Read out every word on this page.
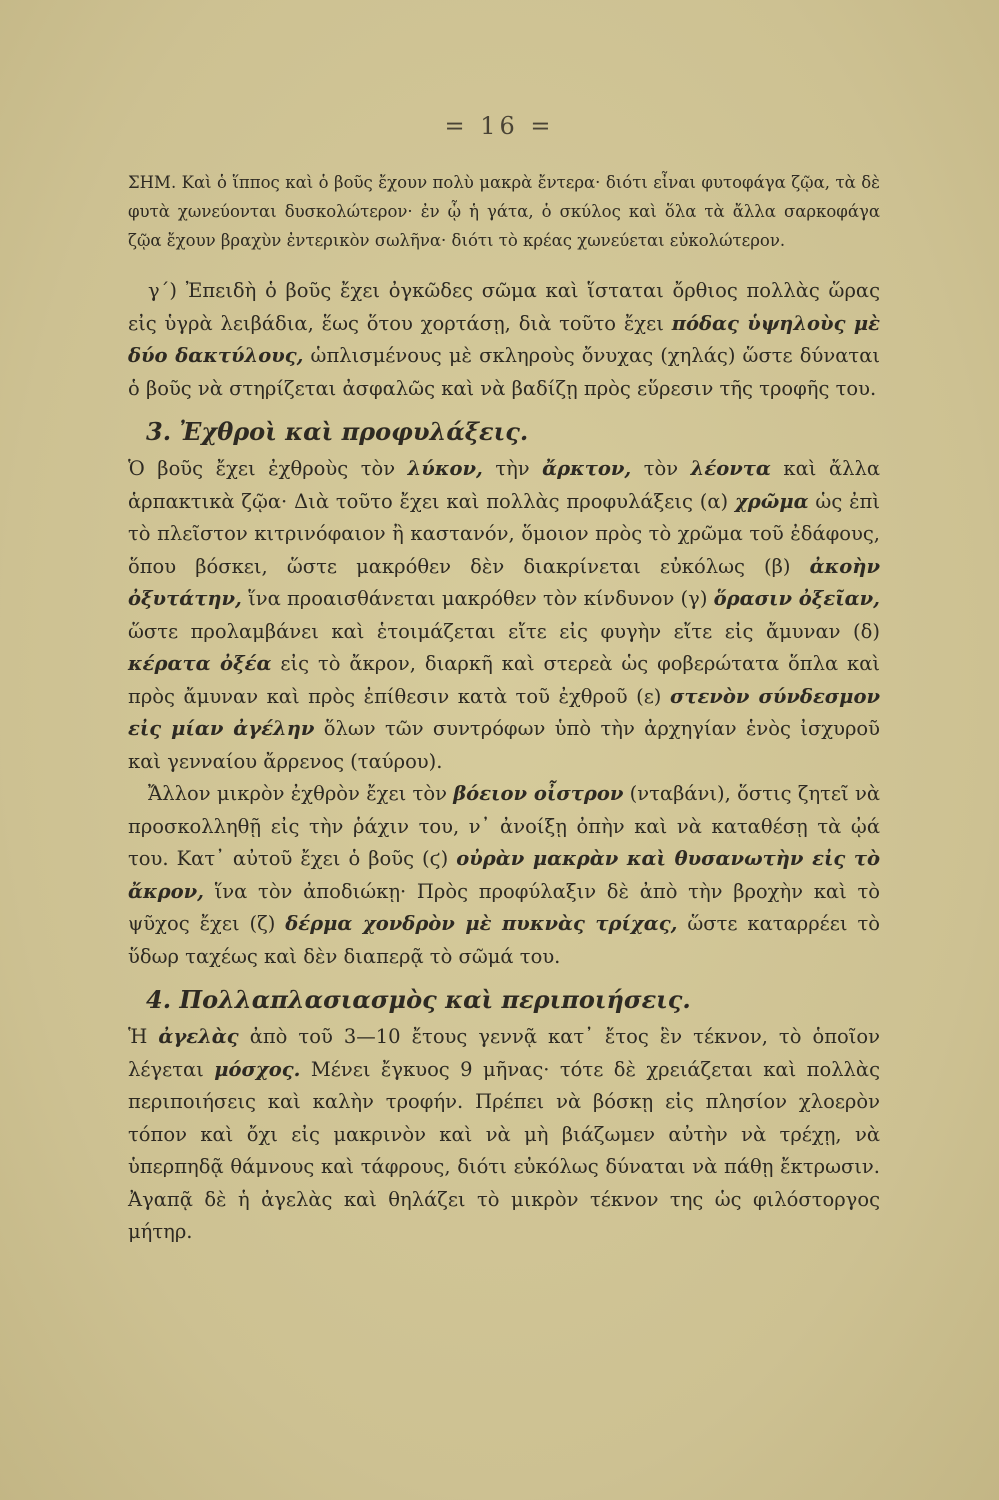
= 16 =

ΣΗΜ. Καὶ ὁ ἵππος καὶ ὁ βοῦς ἔχουν πολὺ μακρὰ ἔντερα· διότι εἶναι φυτοφάγα ζῷα, τὰ δὲ φυτὰ χωνεύονται δυσκολώτερον· ἐν ᾧ ἡ γάτα, ὁ σκύλος καὶ ὅλα τὰ ἄλλα σαρκοφάγα ζῷα ἔχουν βραχὺν ἐντερικὸν σωλῆνα· διότι τὸ κρέας χωνεύεται εὐκολώτερον.

γ΄) Ἐπειδὴ ὁ βοῦς ἔχει ὀγκῶδες σῶμα καὶ ἵσταται ὄρθιος πολλὰς ὥρας εἰς ὑγρὰ λειβάδια, ἕως ὅτου χορτάσῃ, διὰ τοῦτο ἔχει πόδας ὑψηλοὺς μὲ δύο δακτύλους, ὡπλισμένους μὲ σκληροὺς ὄνυχας (χηλάς) ὥστε δύναται ὁ βοῦς νὰ στηρίζεται ἀσφαλῶς καὶ νὰ βαδίζῃ πρὸς εὕρεσιν τῆς τροφῆς του.

3. Ἐχθροὶ καὶ προφυλάξεις.

Ὁ βοῦς ἔχει ἐχθροὺς τὸν λύκον, τὴν ἄρκτον, τὸν λέοντα καὶ ἄλλα ἁρπακτικὰ ζῷα· Διὰ τοῦτο ἔχει καὶ πολλὰς προφυλάξεις (α) χρῶμα ὡς ἐπὶ τὸ πλεῖστον κιτρινόφαιον ἢ καστανόν, ὅμοιον πρὸς τὸ χρῶμα τοῦ ἐδάφους, ὅπου βόσκει, ὥστε μακρόθεν δὲν διακρίνεται εὐκόλως (β) ἀκοὴν ὀξυτάτην, ἵνα προαισθάνεται μακρόθεν τὸν κίνδυνον (γ) ὅρασιν ὀξεῖαν, ὥστε προλαμβάνει καὶ ἑτοιμάζεται εἴτε εἰς φυγὴν εἴτε εἰς ἄμυναν (δ) κέρατα ὀξέα εἰς τὸ ἄκρον, διαρκῆ καὶ στερεὰ ὡς φοβερώτατα ὅπλα καὶ πρὸς ἄμυναν καὶ πρὸς ἐπίθεσιν κατὰ τοῦ ἐχθροῦ (ε) στενὸν σύνδεσμον εἰς μίαν ἀγέλην ὅλων τῶν συντρόφων ὑπὸ τὴν ἀρχηγίαν ἑνὸς ἰσχυροῦ καὶ γενναίου ἄρρενος (ταύρου).

Ἄλλον μικρὸν ἐχθρὸν ἔχει τὸν βόειον οἶστρον (νταβάνι), ὅστις ζητεῖ νὰ προσκολληθῇ εἰς τὴν ῥάχιν του, ν᾽ ἀνοίξῃ ὀπὴν καὶ νὰ καταθέσῃ τὰ ᾠά του. Κατ᾽ αὐτοῦ ἔχει ὁ βοῦς (ϛ) οὐρὰν μακρὰν καὶ θυσανωτὴν εἰς τὸ ἄκρον, ἵνα τὸν ἀποδιώκῃ· Πρὸς προφύλαξιν δὲ ἀπὸ τὴν βροχὴν καὶ τὸ ψῦχος ἔχει (ζ) δέρμα χονδρὸν μὲ πυκνὰς τρίχας, ὥστε καταρρέει τὸ ὕδωρ ταχέως καὶ δὲν διαπερᾷ τὸ σῶμά του.

4. Πολλαπλασιασμὸς καὶ περιποιήσεις.

Ἡ ἀγελὰς ἀπὸ τοῦ 3—10 ἔτους γεννᾷ κατ᾽ ἔτος ἓν τέκνον, τὸ ὁποῖον λέγεται μόσχος. Μένει ἔγκυος 9 μῆνας· τότε δὲ χρειάζεται καὶ πολλὰς περιποιήσεις καὶ καλὴν τροφήν. Πρέπει νὰ βόσκῃ εἰς πλησίον χλοερὸν τόπον καὶ ὄχι εἰς μακρινὸν καὶ νὰ μὴ βιάζωμεν αὐτὴν νὰ τρέχῃ, νὰ ὑπερπηδᾷ θάμνους καὶ τάφρους, διότι εὐκόλως δύναται νὰ πάθῃ ἔκτρωσιν. Ἀγαπᾷ δὲ ἡ ἀγελὰς καὶ θηλάζει τὸ μικρὸν τέκνον της ὡς φιλόστοργος μήτηρ.
